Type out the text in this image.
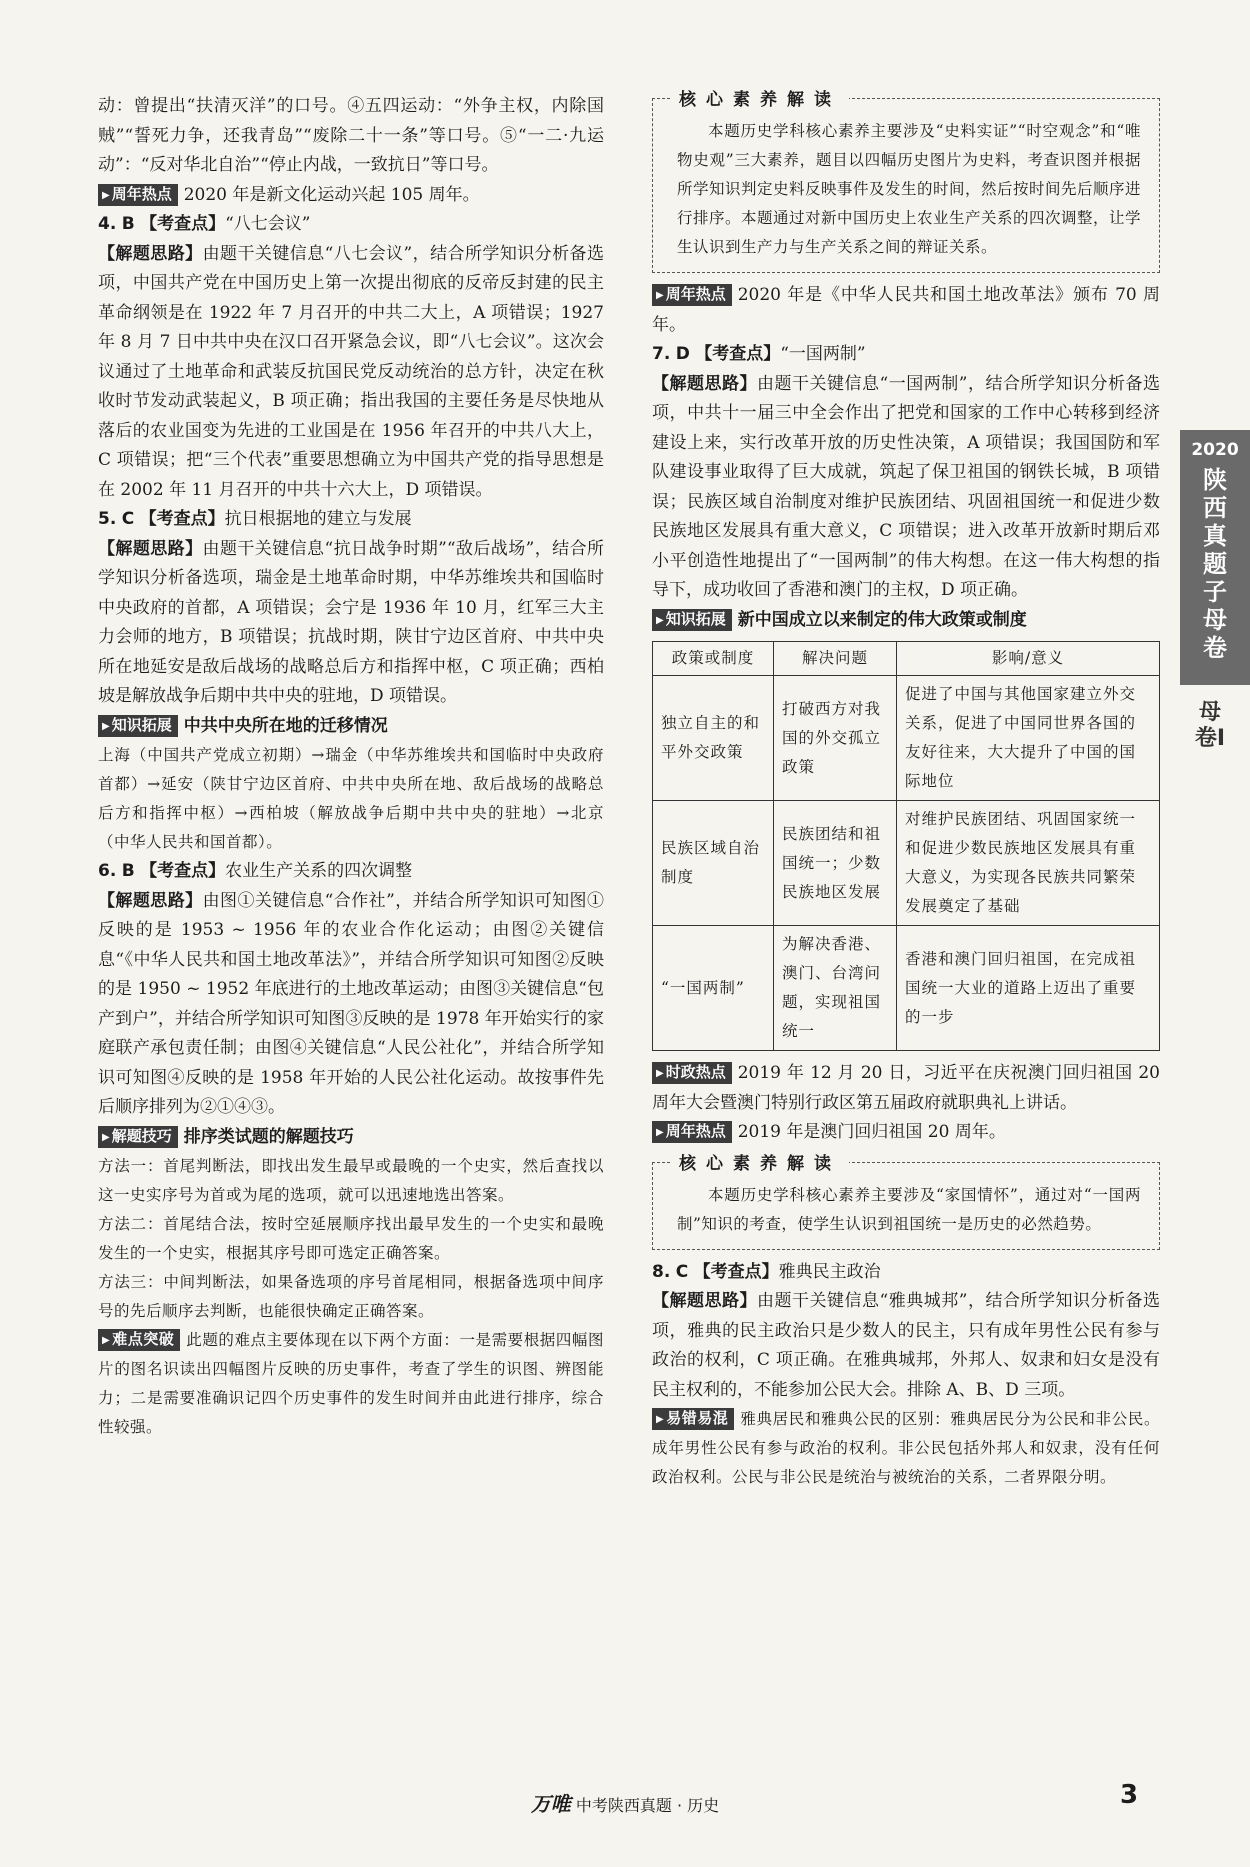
动：曾提出“扶清灭洋”的口号。④五四运动：“外争主权，内除国贼”“誓死力争，还我青岛”“废除二十一条”等口号。⑤“一二·九运动”：“反对华北自治”“停止内战，一致抗日”等口号。

▶ 周年热点 2020 年是新文化运动兴起 105 周年。

4. B 【考查点】“八七会议”

【解题思路】由题干关键信息“八七会议”，结合所学知识分析备选项，中国共产党在中国历史上第一次提出彻底的反帝反封建的民主革命纲领是在 1922 年 7 月召开的中共二大上，A 项错误；1927 年 8 月 7 日中共中央在汉口召开紧急会议，即“八七会议”。这次会议通过了土地革命和武装反抗国民党反动统治的总方针，决定在秋收时节发动武装起义，B 项正确；指出我国的主要任务是尽快地从落后的农业国变为先进的工业国是在 1956 年召开的中共八大上，C 项错误；把“三个代表”重要思想确立为中国共产党的指导思想是在 2002 年 11 月召开的中共十六大上，D 项错误。

5. C 【考查点】抗日根据地的建立与发展

【解题思路】由题干关键信息“抗日战争时期”“敌后战场”，结合所学知识分析备选项，瑞金是土地革命时期，中华苏维埃共和国临时中央政府的首都，A 项错误；会宁是 1936 年 10 月，红军三大主力会师的地方，B 项错误；抗战时期，陕甘宁边区首府、中共中央所在地延安是敌后战场的战略总后方和指挥中枢，C 项正确；西柏坡是解放战争后期中共中央的驻地，D 项错误。

▶ 知识拓展 中共中央所在地的迁移情况

上海（中国共产党成立初期）→瑞金（中华苏维埃共和国临时中央政府首都）→延安（陕甘宁边区首府、中共中央所在地、敌后战场的战略总后方和指挥中枢）→西柏坡（解放战争后期中共中央的驻地）→北京（中华人民共和国首都）。

6. B 【考查点】农业生产关系的四次调整

【解题思路】由图①关键信息“合作社”，并结合所学知识可知图①反映的是 1953 ~ 1956 年的农业合作化运动；由图②关键信息“《中华人民共和国土地改革法》”，并结合所学知识可知图②反映的是 1950 ~ 1952 年底进行的土地改革运动；由图③关键信息“包产到户”，并结合所学知识可知图③反映的是 1978 年开始实行的家庭联产承包责任制；由图④关键信息“人民公社化”，并结合所学知识可知图④反映的是 1958 年开始的人民公社化运动。故按事件先后顺序排列为②①④③。

▶ 解题技巧 排序类试题的解题技巧

方法一：首尾判断法，即找出发生最早或最晚的一个史实，然后查找以这一史实序号为首或为尾的选项，就可以迅速地选出答案。

方法二：首尾结合法，按时空延展顺序找出最早发生的一个史实和最晚发生的一个史实，根据其序号即可选定正确答案。

方法三：中间判断法，如果备选项的序号首尾相同，根据备选项中间序号的先后顺序去判断，也能很快确定正确答案。

▶ 难点突破 此题的难点主要体现在以下两个方面：一是需要根据四幅图片的图名识读出四幅图片反映的历史事件，考查了学生的识图、辨图能力；二是需要准确识记四个历史事件的发生时间并由此进行排序，综合性较强。

核心素养解读

本题历史学科核心素养主要涉及“史料实证”“时空观念”和“唯物史观”三大素养，题目以四幅历史图片为史料，考查识图并根据所学知识判定史料反映事件及发生的时间，然后按时间先后顺序进行排序。本题通过对新中国历史上农业生产关系的四次调整，让学生认识到生产力与生产关系之间的辩证关系。

▶ 周年热点 2020 年是《中华人民共和国土地改革法》颁布 70 周年。

7. D 【考查点】“一国两制”

【解题思路】由题干关键信息“一国两制”，结合所学知识分析备选项，中共十一届三中全会作出了把党和国家的工作中心转移到经济建设上来，实行改革开放的历史性决策，A 项错误；我国国防和军队建设事业取得了巨大成就，筑起了保卫祖国的钢铁长城，B 项错误；民族区域自治制度对维护民族团结、巩固祖国统一和促进少数民族地区发展具有重大意义，C 项错误；进入改革开放新时期后邓小平创造性地提出了“一国两制”的伟大构想。在这一伟大构想的指导下，成功收回了香港和澳门的主权，D 项正确。

▶ 知识拓展 新中国成立以来制定的伟大政策或制度

政策或制度	解决问题	影响/意义
独立自主的和平外交政策	打破西方对我国的外交孤立政策	促进了中国与其他国家建立外交关系，促进了中国同世界各国的友好往来，大大提升了中国的国际地位
民族区域自治制度	民族团结和祖国统一；少数民族地区发展	对维护民族团结、巩固国家统一和促进少数民族地区发展具有重大意义，为实现各民族共同繁荣发展奠定了基础
“一国两制”	为解决香港、澳门、台湾问题，实现祖国统一	香港和澳门回归祖国，在完成祖国统一大业的道路上迈出了重要的一步

▶ 时政热点 2019 年 12 月 20 日，习近平在庆祝澳门回归祖国 20 周年大会暨澳门特别行政区第五届政府就职典礼上讲话。

▶ 周年热点 2019 年是澳门回归祖国 20 周年。

核心素养解读

本题历史学科核心素养主要涉及“家国情怀”，通过对“一国两制”知识的考查，使学生认识到祖国统一是历史的必然趋势。

8. C 【考查点】雅典民主政治

【解题思路】由题干关键信息“雅典城邦”，结合所学知识分析备选项，雅典的民主政治只是少数人的民主，只有成年男性公民有参与政治的权利，C 项正确。在雅典城邦，外邦人、奴隶和妇女是没有民主权利的，不能参加公民大会。排除 A、B、D 三项。

▶ 易错易混 雅典居民和雅典公民的区别：雅典居民分为公民和非公民。成年男性公民有参与政治的权利。非公民包括外邦人和奴隶，没有任何政治权利。公民与非公民是统治与被统治的关系，二者界限分明。

2020
陕西真题子母卷
母卷Ⅰ
万唯 中考陕西真题 · 历史	3
